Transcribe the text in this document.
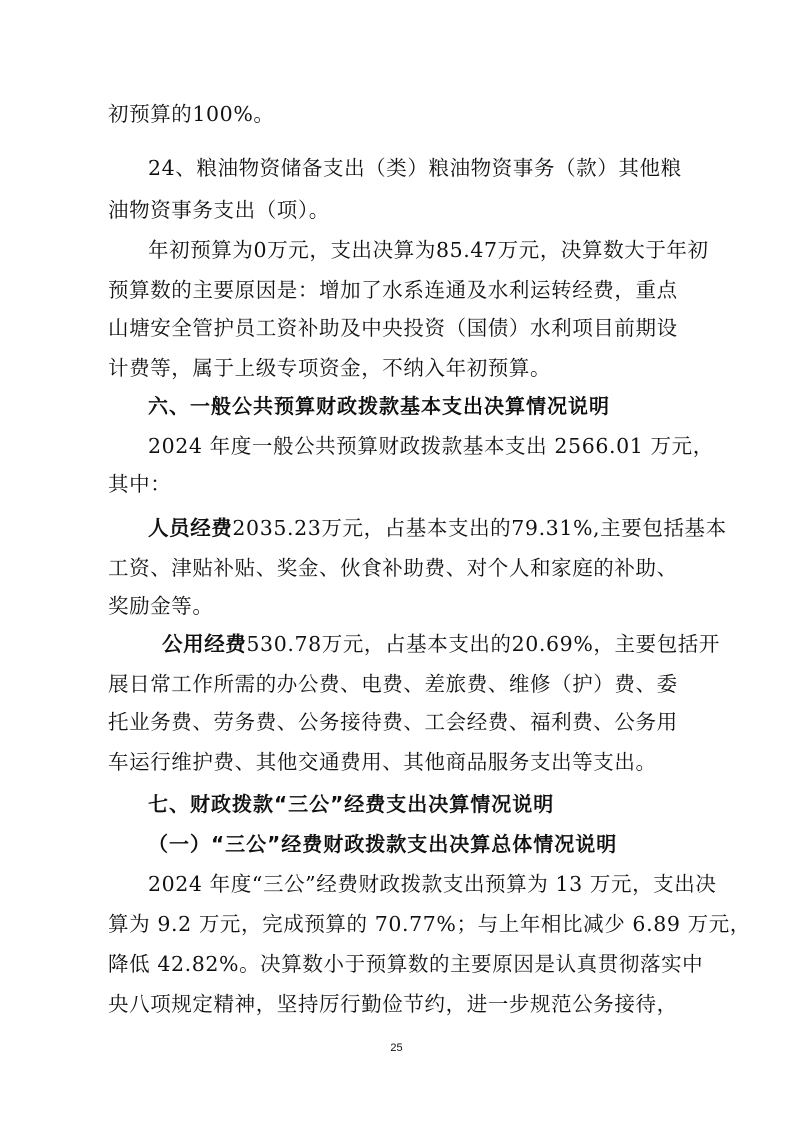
初预算的100%。
24、粮油物资储备支出（类）粮油物资事务（款）其他粮
油物资事务支出（项）。
年初预算为0万元，支出决算为85.47万元，决算数大于年初
预算数的主要原因是：增加了水系连通及水利运转经费，重点
山塘安全管护员工资补助及中央投资（国债）水利项目前期设
计费等，属于上级专项资金，不纳入年初预算。
六、一般公共预算财政拨款基本支出决算情况说明
2024 年度一般公共预算财政拨款基本支出 2566.01 万元，
其中：
人员经费2035.23万元，占基本支出的79.31%,主要包括基本
工资、津贴补贴、奖金、伙食补助费、对个人和家庭的补助、
奖励金等。
公用经费530.78万元，占基本支出的20.69%，主要包括开
展日常工作所需的办公费、电费、差旅费、维修（护）费、委
托业务费、劳务费、公务接待费、工会经费、福利费、公务用
车运行维护费、其他交通费用、其他商品服务支出等支出。
七、财政拨款“三公”经费支出决算情况说明
（一）“三公”经费财政拨款支出决算总体情况说明
2024 年度“三公”经费财政拨款支出预算为 13 万元，支出决
算为 9.2 万元，完成预算的 70.77%；与上年相比减少 6.89 万元，
降低 42.82%。决算数小于预算数的主要原因是认真贯彻落实中
央八项规定精神，坚持厉行勤俭节约，进一步规范公务接待，
25
